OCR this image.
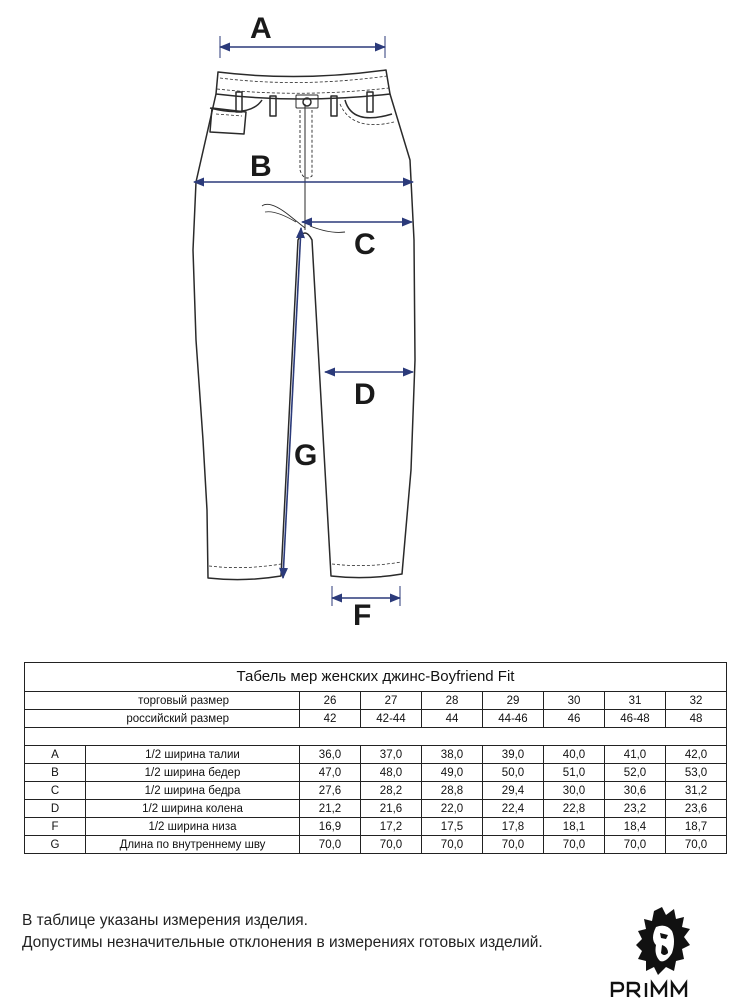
A
B
C
D
G
F
Табель мер женских джинс-Boyfriend Fit								
торговый размер		26	27	28	29	30	31	32
российский размер		42	42-44	44	44-46	46	46-48	48

A	1/2 ширина талии	36,0	37,0	38,0	39,0	40,0	41,0	42,0
B	1/2 ширина бедер	47,0	48,0	49,0	50,0	51,0	52,0	53,0
C	1/2 ширина бедра	27,6	28,2	28,8	29,4	30,0	30,6	31,2
D	1/2 ширина колена	21,2	21,6	22,0	22,4	22,8	23,2	23,6
F	1/2 ширина низа	16,9	17,2	17,5	17,8	18,1	18,4	18,7
G	Длина по внутреннему шву	70,0	70,0	70,0	70,0	70,0	70,0	70,0
В таблице указаны измерения изделия.
Допустимы незначительные отклонения в измерениях готовых изделий.
